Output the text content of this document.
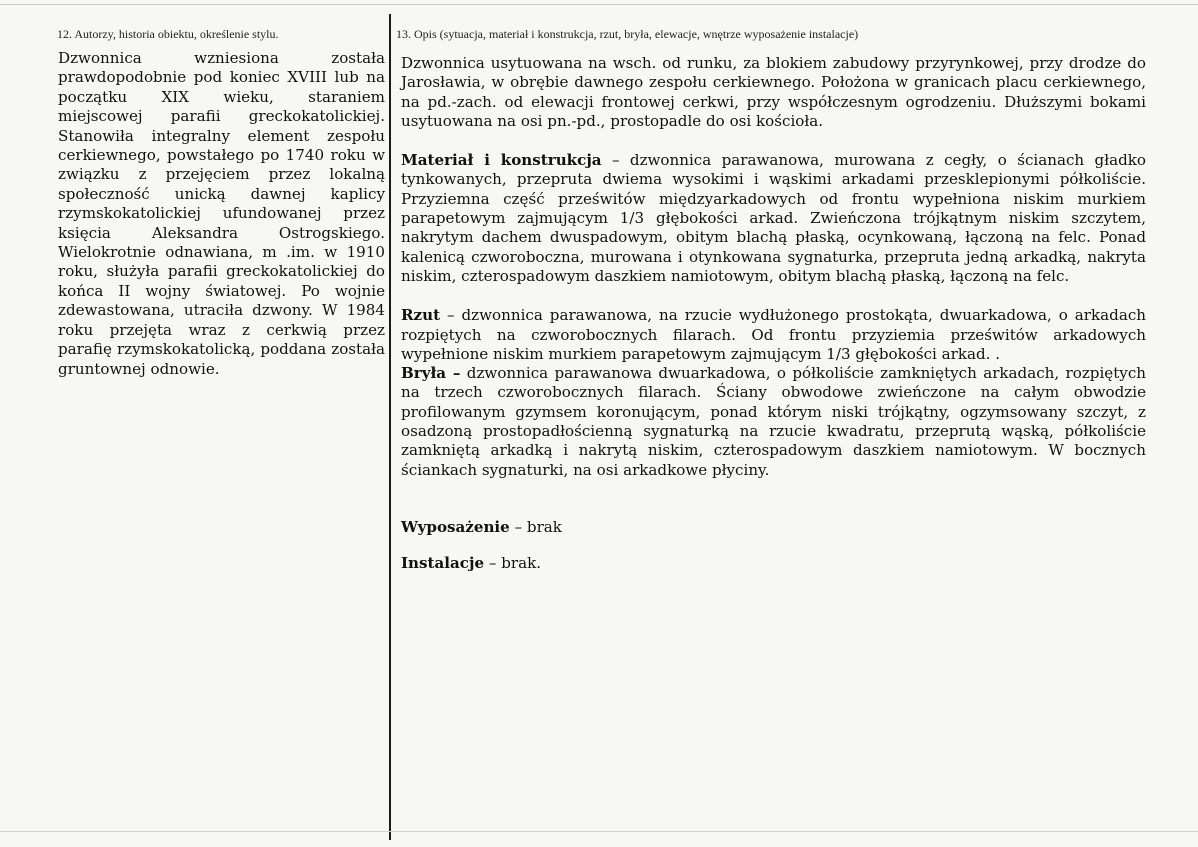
12. Autorzy, historia obiektu, określenie stylu.	13. Opis (sytuacja, materiał i konstrukcja, rzut, bryła, elewacje, wnętrze wyposażenie instalacje)
Dzwonnica wzniesiona została prawdopodobnie pod koniec XVIII lub na początku XIX wieku, staraniem miejscowej parafii greckokatolickiej. Stanowiła integralny element zespołu cerkiewnego, powstałego po 1740 roku w związku z przejęciem przez lokalną społeczność unicką dawnej kaplicy rzymskokatolickiej ufundowanej przez księcia Aleksandra Ostrogskiego. Wielokrotnie odnawiana, m .im. w 1910 roku, służyła parafii greckokatolickiej do końca II wojny światowej. Po wojnie zdewastowana, utraciła dzwony. W 1984 roku przejęta wraz z cerkwią przez parafię rzymskokatolicką, poddana została gruntownej odnowie.

Dzwonnica usytuowana na wsch. od runku, za blokiem zabudowy przyrynkowej, przy drodze do Jarosławia, w obrębie dawnego zespołu cerkiewnego. Położona w granicach placu cerkiewnego, na pd.-zach. od elewacji frontowej cerkwi, przy współczesnym ogrodzeniu. Dłuższymi bokami usytuowana na osi pn.-pd., prostopadle do osi kościoła.

Materiał i konstrukcja – dzwonnica parawanowa, murowana z cegły, o ścianach gładko tynkowanych, przepruta dwiema wysokimi i wąskimi arkadami przesklepionymi półkoliście. Przyziemna część prześwitów międzyarkadowych od frontu wypełniona niskim murkiem parapetowym zajmującym 1/3 głębokości arkad. Zwieńczona trójkątnym niskim szczytem, nakrytym dachem dwuspadowym, obitym blachą płaską, ocynkowaną, łączoną na felc. Ponad kalenicą czworoboczna, murowana i otynkowana sygnaturka, przepruta jedną arkadką, nakryta niskim, czterospadowym daszkiem namiotowym, obitym blachą płaską, łączoną na felc.

Rzut – dzwonnica parawanowa, na rzucie wydłużonego prostokąta, dwuarkadowa, o arkadach rozpiętych na czworobocznych filarach. Od frontu przyziemia prześwitów arkadowych wypełnione niskim murkiem parapetowym zajmującym 1/3 głębokości arkad. .

Bryła – dzwonnica parawanowa dwuarkadowa, o półkoliście zamkniętych arkadach, rozpiętych na trzech czworobocznych filarach. Ściany obwodowe zwieńczone na całym obwodzie profilowanym gzymsem koronującym, ponad którym niski trójkątny, ogzymsowany szczyt, z osadzoną prostopadłościenną sygnaturką na rzucie kwadratu, przeprutą wąską, półkoliście zamkniętą arkadką i nakrytą niskim, czterospadowym daszkiem namiotowym. W bocznych ściankach sygnaturki, na osi arkadkowe płyciny.

Wyposażenie – brak

Instalacje – brak.
